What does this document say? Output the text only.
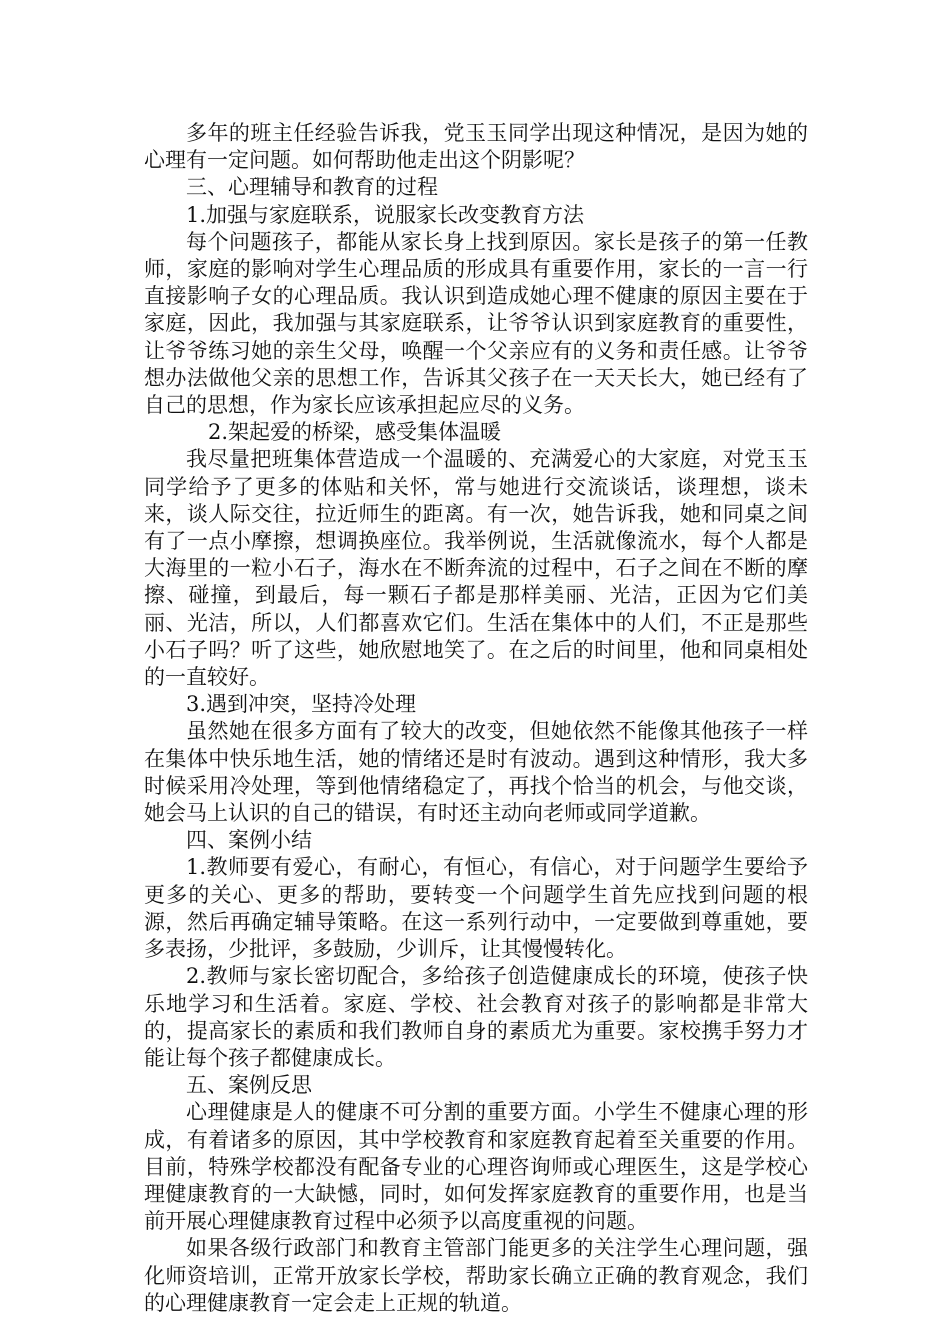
多年的班主任经验告诉我，党玉玉同学出现这种情况，是因为她的心理有一定问题。如何帮助他走出这个阴影呢？

三、心理辅导和教育的过程

1.加强与家庭联系，说服家长改变教育方法

每个问题孩子，都能从家长身上找到原因。家长是孩子的第一任教师，家庭的影响对学生心理品质的形成具有重要作用，家长的一言一行直接影响子女的心理品质。我认识到造成她心理不健康的原因主要在于家庭，因此，我加强与其家庭联系，让爷爷认识到家庭教育的重要性，让爷爷练习她的亲生父母，唤醒一个父亲应有的义务和责任感。让爷爷想办法做他父亲的思想工作，告诉其父孩子在一天天长大，她已经有了自己的思想，作为家长应该承担起应尽的义务。

2.架起爱的桥梁，感受集体温暖

我尽量把班集体营造成一个温暖的、充满爱心的大家庭，对党玉玉同学给予了更多的体贴和关怀，常与她进行交流谈话，谈理想，谈未来，谈人际交往，拉近师生的距离。有一次，她告诉我，她和同桌之间有了一点小摩擦，想调换座位。我举例说，生活就像流水，每个人都是大海里的一粒小石子，海水在不断奔流的过程中，石子之间在不断的摩擦、碰撞，到最后，每一颗石子都是那样美丽、光洁，正因为它们美丽、光洁，所以，人们都喜欢它们。生活在集体中的人们，不正是那些小石子吗？听了这些，她欣慰地笑了。在之后的时间里，他和同桌相处的一直较好。

3.遇到冲突，坚持冷处理

虽然她在很多方面有了较大的改变，但她依然不能像其他孩子一样在集体中快乐地生活，她的情绪还是时有波动。遇到这种情形，我大多时候采用冷处理，等到他情绪稳定了，再找个恰当的机会，与他交谈，她会马上认识的自己的错误，有时还主动向老师或同学道歉。

四、案例小结

1.教师要有爱心，有耐心，有恒心，有信心，对于问题学生要给予更多的关心、更多的帮助，要转变一个问题学生首先应找到问题的根源，然后再确定辅导策略。在这一系列行动中，一定要做到尊重她，要多表扬，少批评，多鼓励，少训斥，让其慢慢转化。

2.教师与家长密切配合，多给孩子创造健康成长的环境，使孩子快乐地学习和生活着。家庭、学校、社会教育对孩子的影响都是非常大的，提高家长的素质和我们教师自身的素质尤为重要。家校携手努力才能让每个孩子都健康成长。

五、案例反思

心理健康是人的健康不可分割的重要方面。小学生不健康心理的形成，有着诸多的原因，其中学校教育和家庭教育起着至关重要的作用。目前，特殊学校都没有配备专业的心理咨询师或心理医生，这是学校心理健康教育的一大缺憾，同时，如何发挥家庭教育的重要作用，也是当前开展心理健康教育过程中必须予以高度重视的问题。

如果各级行政部门和教育主管部门能更多的关注学生心理问题，强化师资培训，正常开放家长学校，帮助家长确立正确的教育观念，我们的心理健康教育一定会走上正规的轨道。
